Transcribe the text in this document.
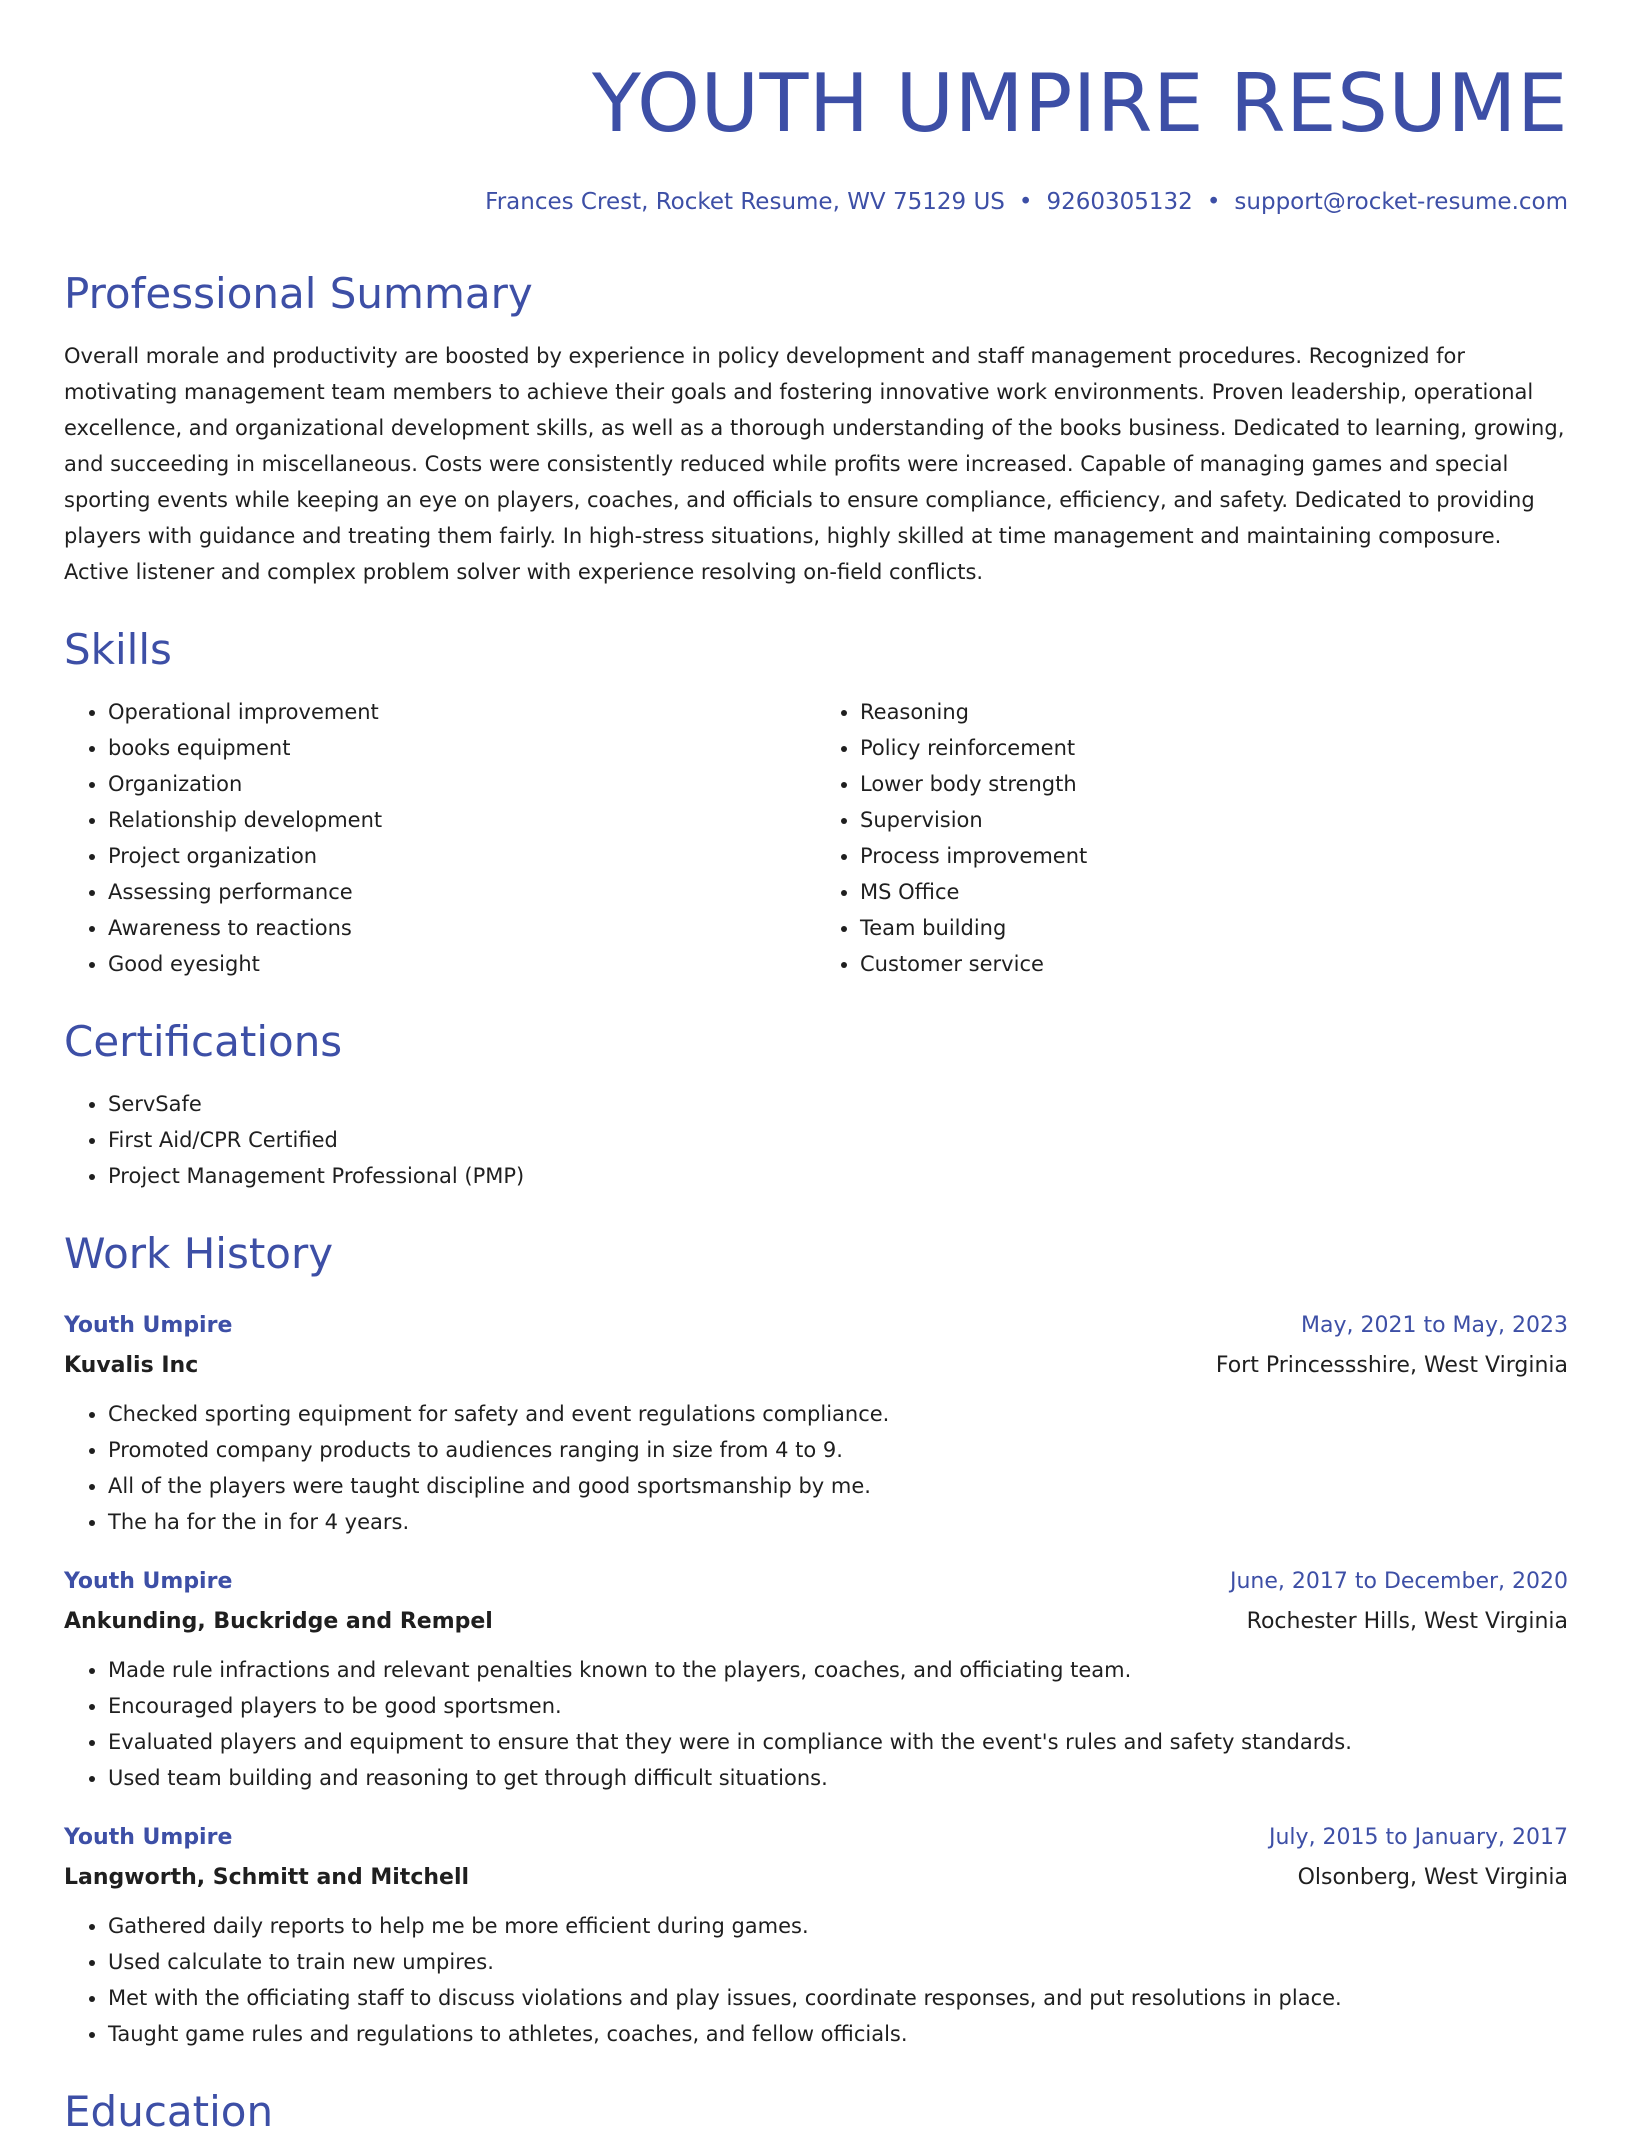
YOUTH UMPIRE RESUME
Frances Crest, Rocket Resume, WV 75129 US • 9260305132 • support@rocket-resume.com
Professional Summary
Overall morale and productivity are boosted by experience in policy development and staff management procedures. Recognized for motivating management team members to achieve their goals and fostering innovative work environments. Proven leadership, operational excellence, and organizational development skills, as well as a thorough understanding of the books business. Dedicated to learning, growing, and succeeding in miscellaneous. Costs were consistently reduced while profits were increased. Capable of managing games and special sporting events while keeping an eye on players, coaches, and officials to ensure compliance, efficiency, and safety. Dedicated to providing players with guidance and treating them fairly. In high-stress situations, highly skilled at time management and maintaining composure. Active listener and complex problem solver with experience resolving on-field conflicts.
Skills
• Operational improvement
• books equipment
• Organization
• Relationship development
• Project organization
• Assessing performance
• Awareness to reactions
• Good eyesight
• Reasoning
• Policy reinforcement
• Lower body strength
• Supervision
• Process improvement
• MS Office
• Team building
• Customer service
Certifications
• ServSafe
• First Aid/CPR Certified
• Project Management Professional (PMP)
Work History
Youth Umpire	May, 2021 to May, 2023
Kuvalis Inc	Fort Princessshire, West Virginia
• Checked sporting equipment for safety and event regulations compliance.
• Promoted company products to audiences ranging in size from 4 to 9.
• All of the players were taught discipline and good sportsmanship by me.
• The ha for the in for 4 years.
Youth Umpire	June, 2017 to December, 2020
Ankunding, Buckridge and Rempel	Rochester Hills, West Virginia
• Made rule infractions and relevant penalties known to the players, coaches, and officiating team.
• Encouraged players to be good sportsmen.
• Evaluated players and equipment to ensure that they were in compliance with the event's rules and safety standards.
• Used team building and reasoning to get through difficult situations.
Youth Umpire	July, 2015 to January, 2017
Langworth, Schmitt and Mitchell	Olsonberg, West Virginia
• Gathered daily reports to help me be more efficient during games.
• Used calculate to train new umpires.
• Met with the officiating staff to discuss violations and play issues, coordinate responses, and put resolutions in place.
• Taught game rules and regulations to athletes, coaches, and fellow officials.
Education
